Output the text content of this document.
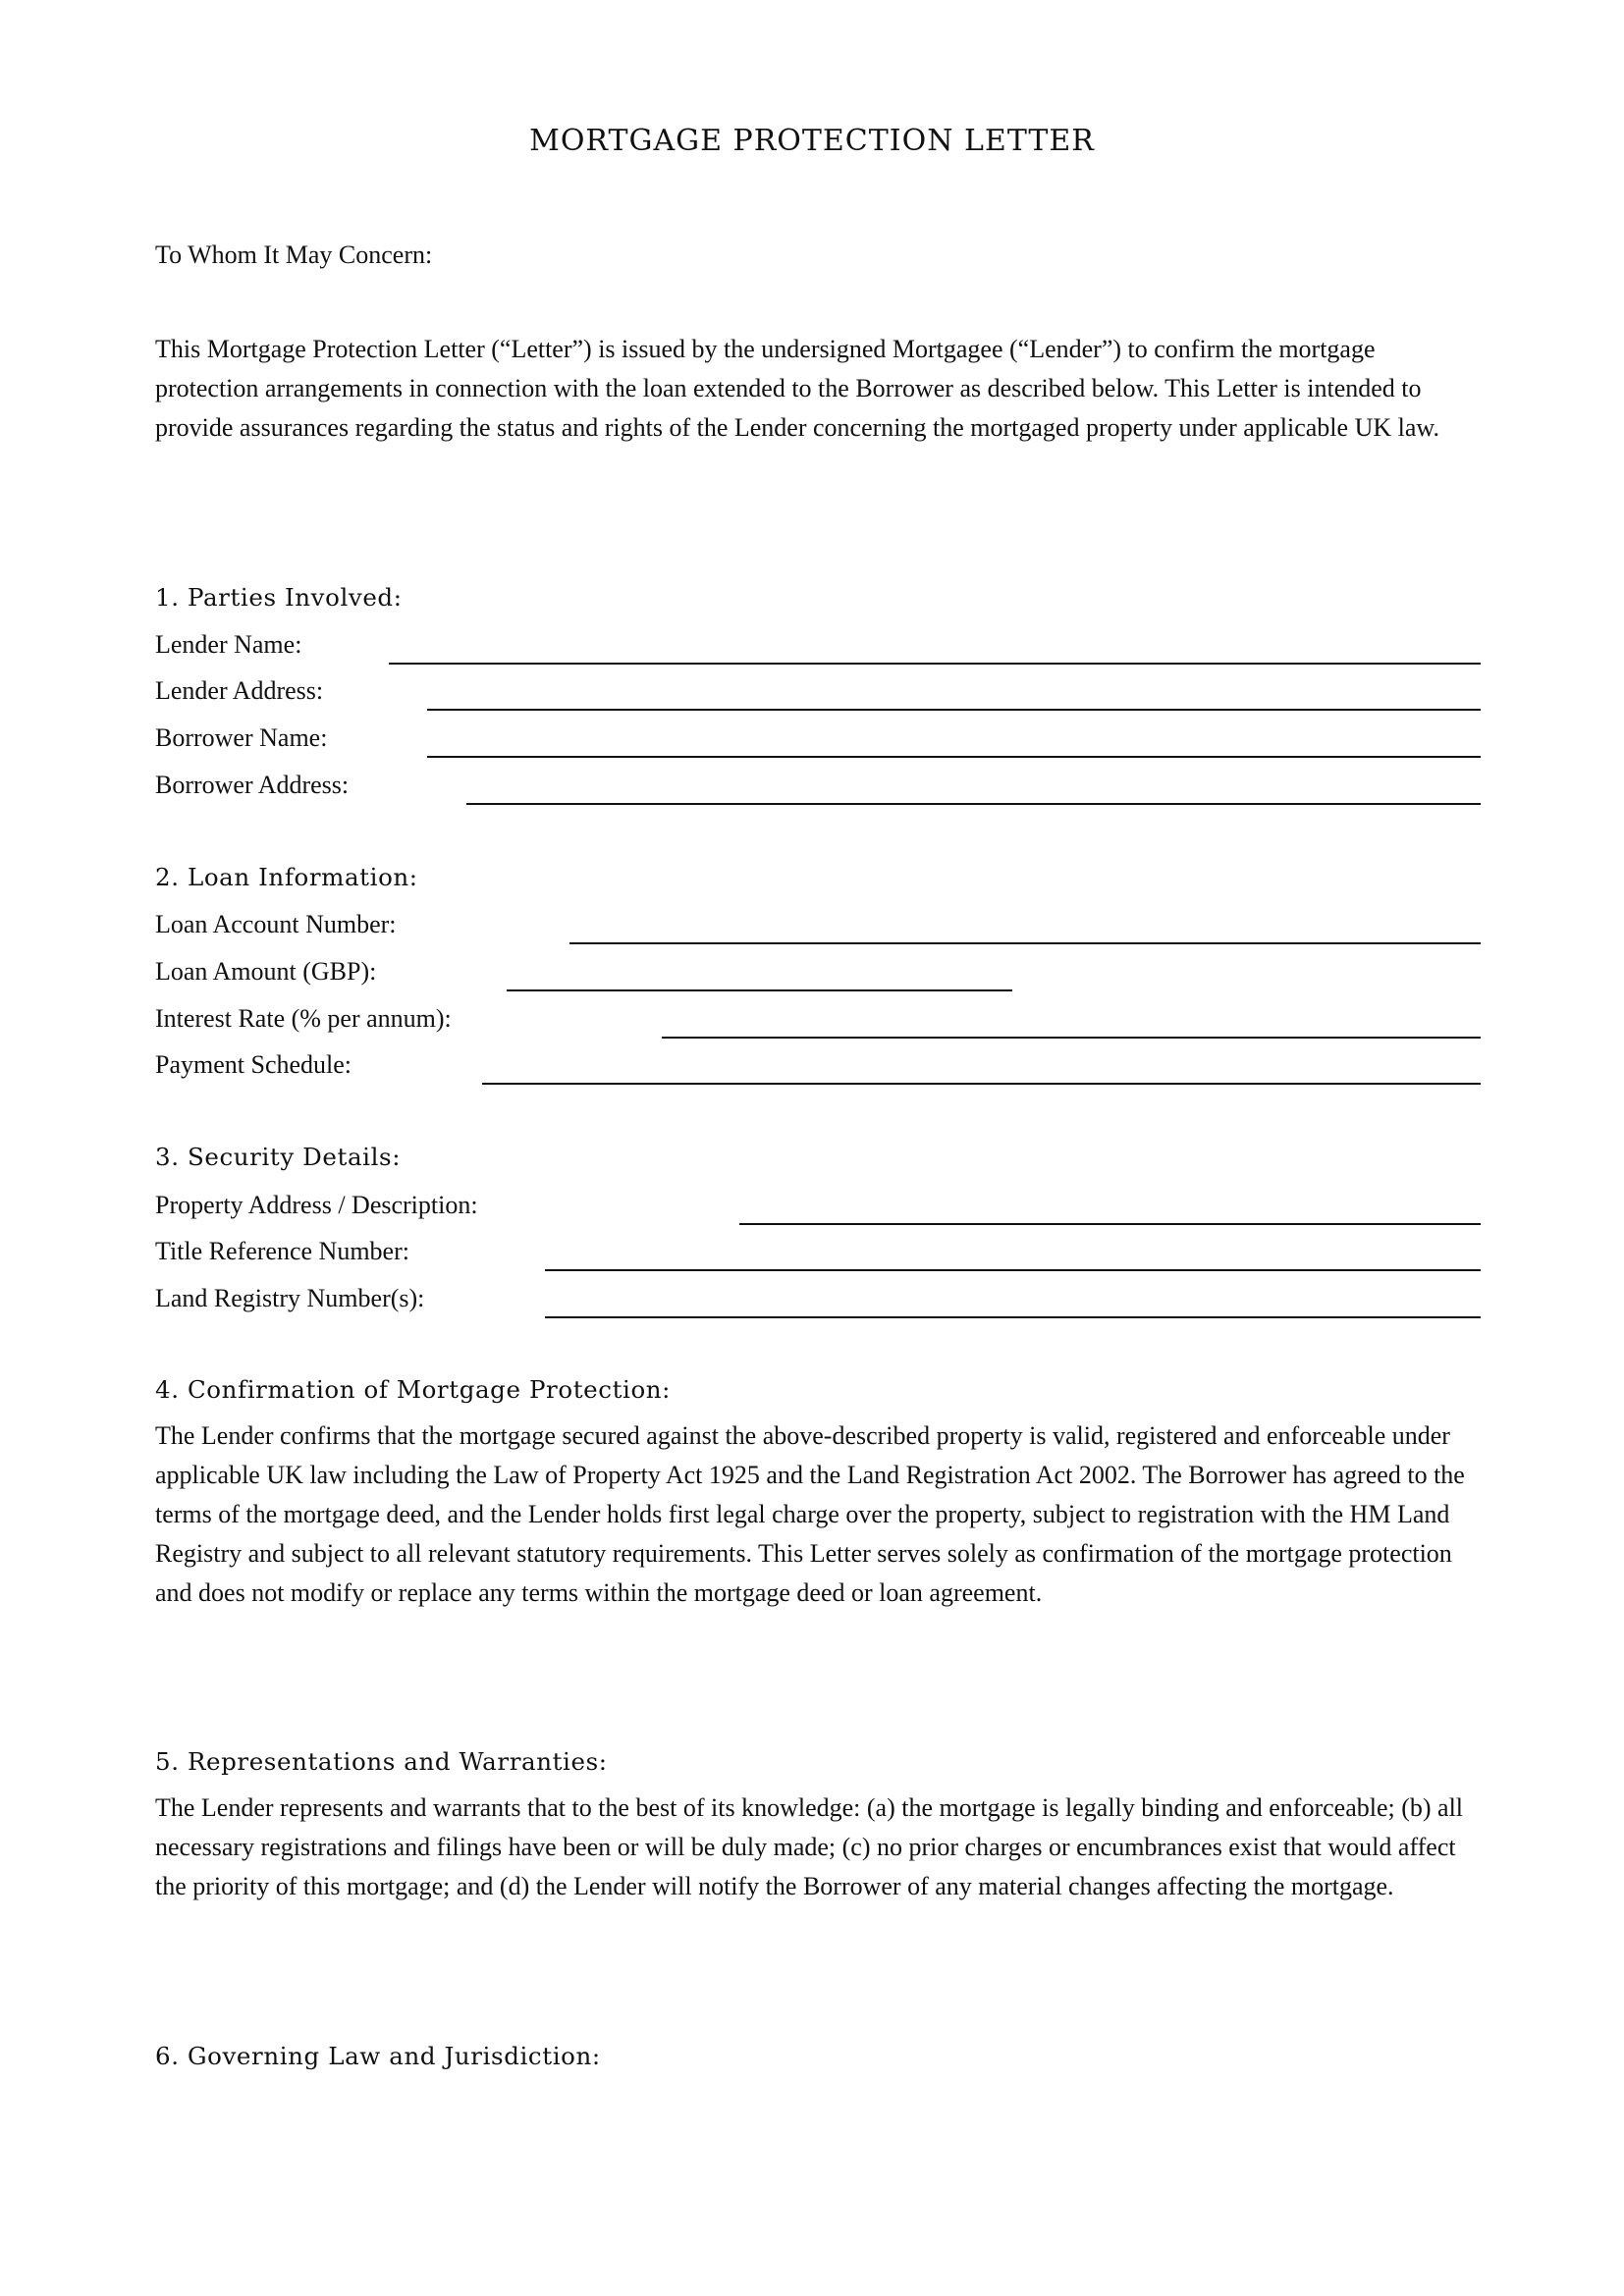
MORTGAGE PROTECTION LETTER
To Whom It May Concern:
This Mortgage Protection Letter (“Letter”) is issued by the undersigned Mortgagee (“Lender”) to confirm the mortgage protection arrangements in connection with the loan extended to the Borrower as described below. This Letter is intended to provide assurances regarding the status and rights of the Lender concerning the mortgaged property under applicable UK law.
1. Parties Involved:
Lender Name:
Lender Address:
Borrower Name:
Borrower Address:
2. Loan Information:
Loan Account Number:
Loan Amount (GBP):
Interest Rate (% per annum):
Payment Schedule:
3. Security Details:
Property Address / Description:
Title Reference Number:
Land Registry Number(s):
4. Confirmation of Mortgage Protection:
The Lender confirms that the mortgage secured against the above-described property is valid, registered and enforceable under applicable UK law including the Law of Property Act 1925 and the Land Registration Act 2002. The Borrower has agreed to the terms of the mortgage deed, and the Lender holds first legal charge over the property, subject to registration with the HM Land Registry and subject to all relevant statutory requirements. This Letter serves solely as confirmation of the mortgage protection and does not modify or replace any terms within the mortgage deed or loan agreement.
5. Representations and Warranties:
The Lender represents and warrants that to the best of its knowledge: (a) the mortgage is legally binding and enforceable; (b) all necessary registrations and filings have been or will be duly made; (c) no prior charges or encumbrances exist that would affect the priority of this mortgage; and (d) the Lender will notify the Borrower of any material changes affecting the mortgage.
6. Governing Law and Jurisdiction:
